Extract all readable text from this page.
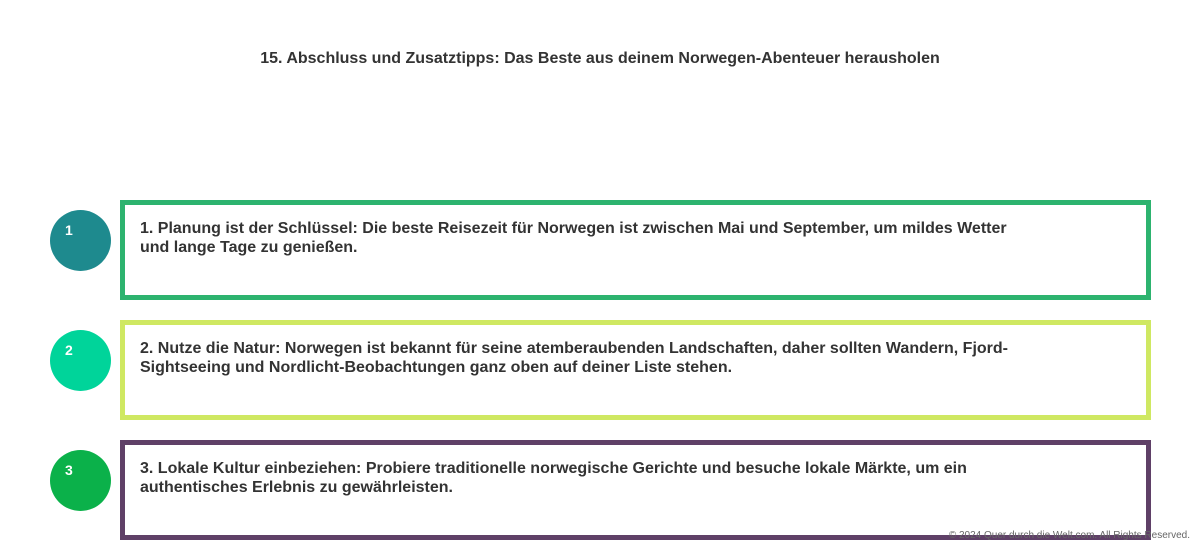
15. Abschluss und Zusatztipps: Das Beste aus deinem Norwegen-Abenteuer herausholen
1	1. Planung ist der Schlüssel: Die beste Reisezeit für Norwegen ist zwischen Mai und September, um mildes Wetter und lange Tage zu genießen.
2	2. Nutze die Natur: Norwegen ist bekannt für seine atemberaubenden Landschaften, daher sollten Wandern, Fjord-Sightseeing und Nordlicht-Beobachtungen ganz oben auf deiner Liste stehen.
3	3. Lokale Kultur einbeziehen: Probiere traditionelle norwegische Gerichte und besuche lokale Märkte, um ein authentisches Erlebnis zu gewährleisten.
© 2024 Quer durch die Welt.com. All Rights Reserved.
